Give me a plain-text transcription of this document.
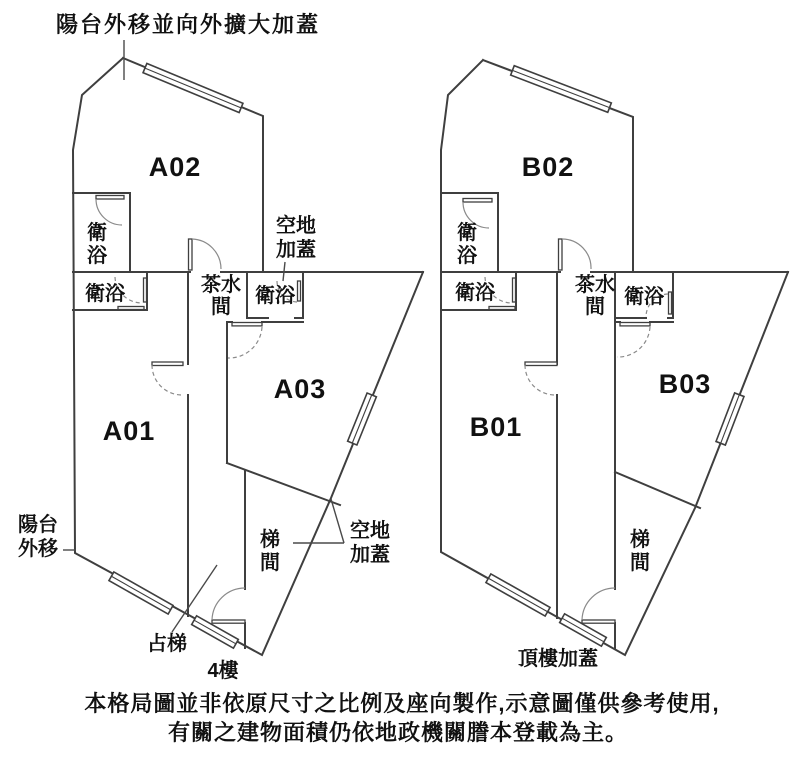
陽台外移並向外擴大加蓋
A02
A01
A03
衛浴
衛浴	衛浴
茶水間
梯間
空地加蓋
空地加蓋
陽台外移
占梯
4樓
B02
B01
B03
衛浴
衛浴	衛浴
茶水間
梯間
頂樓加蓋
本格局圖並非依原尺寸之比例及座向製作,示意圖僅供參考使用,
有關之建物面積仍依地政機關謄本登載為主。
